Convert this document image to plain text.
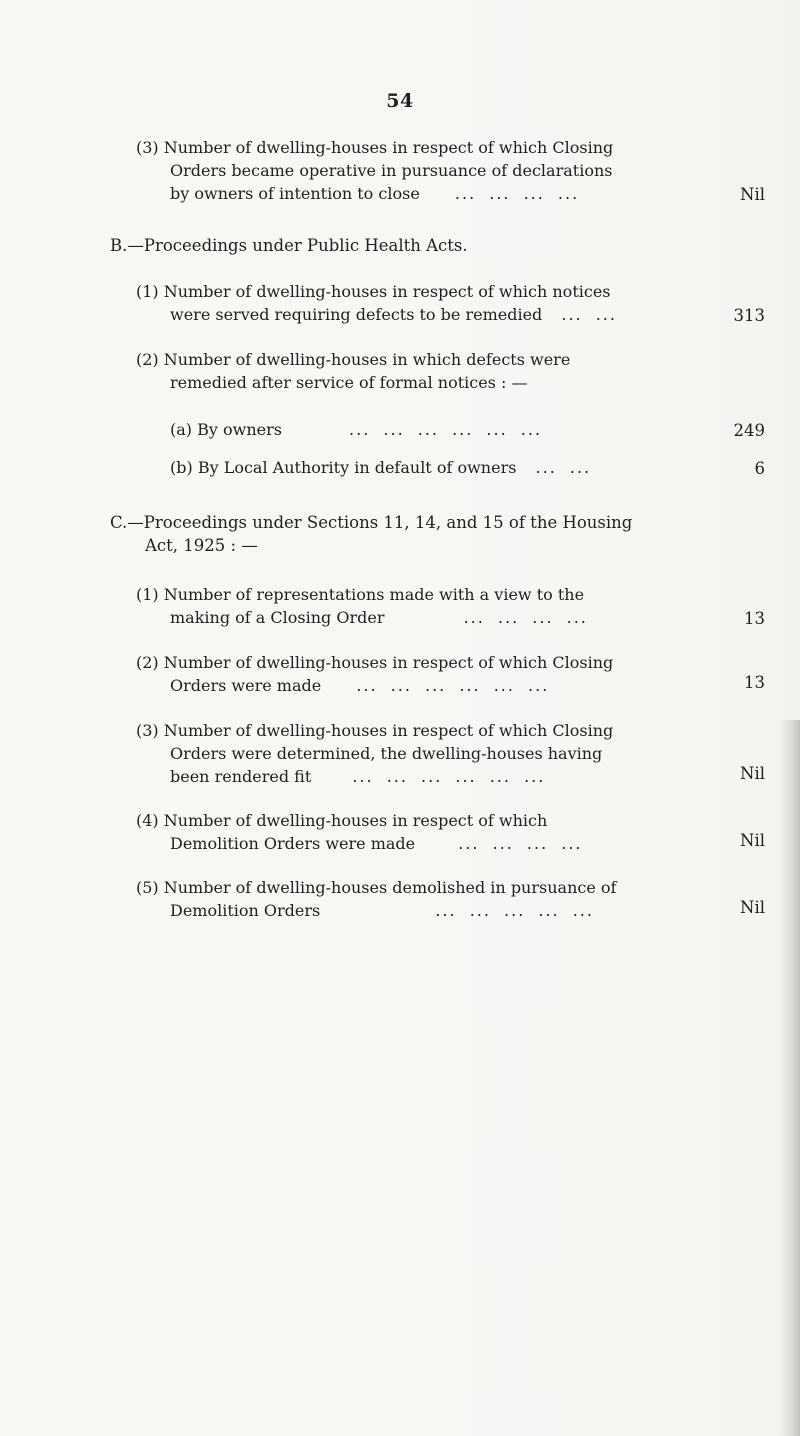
54
(3) Number of dwelling-houses in respect of which Closing
Orders became operative in pursuance of declarations
by owners of intention to close ... ... ... ...	Nil
B.—Proceedings under Public Health Acts.
(1) Number of dwelling-houses in respect of which notices
were served requiring defects to be remedied ... ...	313
(2) Number of dwelling-houses in which defects were
remedied after service of formal notices : —
(a) By owners	... ... ... ... ... ...	249
(b) By Local Authority in default of owners ... ...	6
C.—Proceedings under Sections 11, 14, and 15 of the Housing
Act, 1925 : —
(1) Number of representations made with a view to the
making of a Closing Order	... ... ... ...	13
(2) Number of dwelling-houses in respect of which Closing
Orders were made ... ... ... ... ... ...	13
(3) Number of dwelling-houses in respect of which Closing
Orders were determined, the dwelling-houses having
been rendered fit	... ... ... ... ... ...	Nil
(4) Number of dwelling-houses in respect of which
Demolition Orders were made	... ... ... ...	Nil
(5) Number of dwelling-houses demolished in pursuance of
Demolition Orders	... ... ... ... ...	Nil
